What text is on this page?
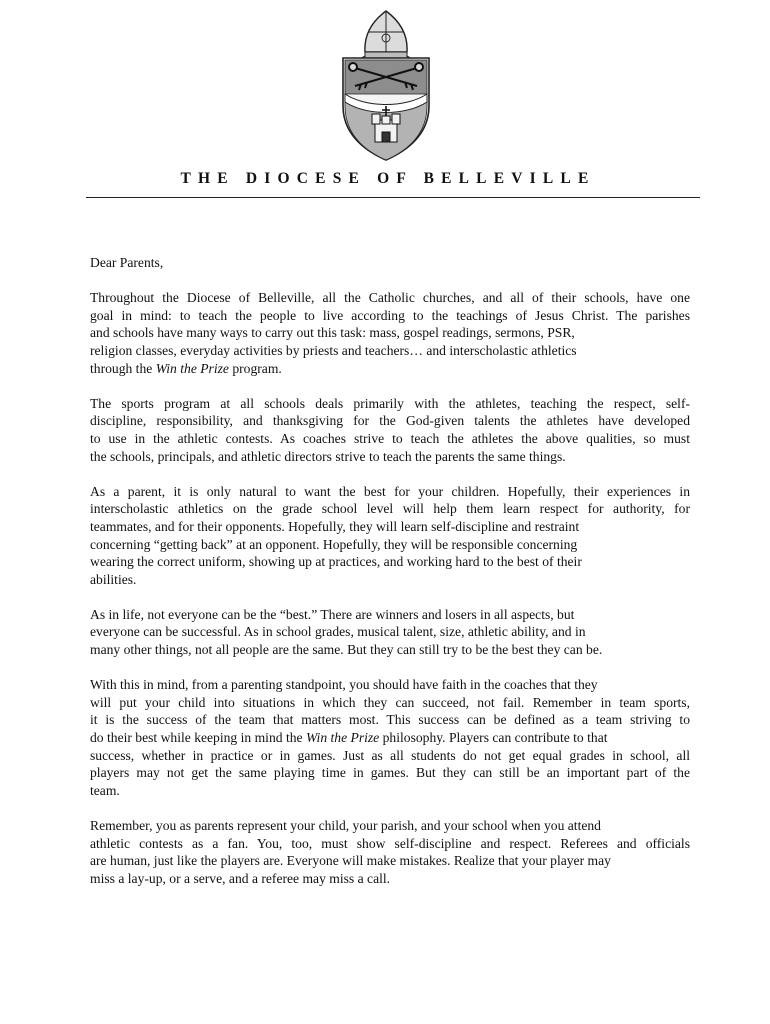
THE DIOCESE OF BELLEVILLE

Dear Parents,

Throughout the Diocese of Belleville, all the Catholic churches, and all of their schools, have one
goal in mind: to teach the people to live according to the teachings of Jesus Christ. The parishes
and schools have many ways to carry out this task: mass, gospel readings, sermons, PSR,
religion classes, everyday activities by priests and teachers… and interscholastic athletics
through the Win the Prize program.

The sports program at all schools deals primarily with the athletes, teaching the respect, self-
discipline, responsibility, and thanksgiving for the God-given talents the athletes have developed
to use in the athletic contests. As coaches strive to teach the athletes the above qualities, so must
the schools, principals, and athletic directors strive to teach the parents the same things.

As a parent, it is only natural to want the best for your children. Hopefully, their experiences in
interscholastic athletics on the grade school level will help them learn respect for authority, for
teammates, and for their opponents. Hopefully, they will learn self-discipline and restraint
concerning “getting back” at an opponent. Hopefully, they will be responsible concerning
wearing the correct uniform, showing up at practices, and working hard to the best of their
abilities.

As in life, not everyone can be the “best.” There are winners and losers in all aspects, but
everyone can be successful. As in school grades, musical talent, size, athletic ability, and in
many other things, not all people are the same. But they can still try to be the best they can be.

With this in mind, from a parenting standpoint, you should have faith in the coaches that they
will put your child into situations in which they can succeed, not fail. Remember in team sports,
it is the success of the team that matters most. This success can be defined as a team striving to
do their best while keeping in mind the Win the Prize philosophy. Players can contribute to that
success, whether in practice or in games. Just as all students do not get equal grades in school, all
players may not get the same playing time in games. But they can still be an important part of the
team.

Remember, you as parents represent your child, your parish, and your school when you attend
athletic contests as a fan. You, too, must show self-discipline and respect. Referees and officials
are human, just like the players are. Everyone will make mistakes. Realize that your player may
miss a lay-up, or a serve, and a referee may miss a call.
